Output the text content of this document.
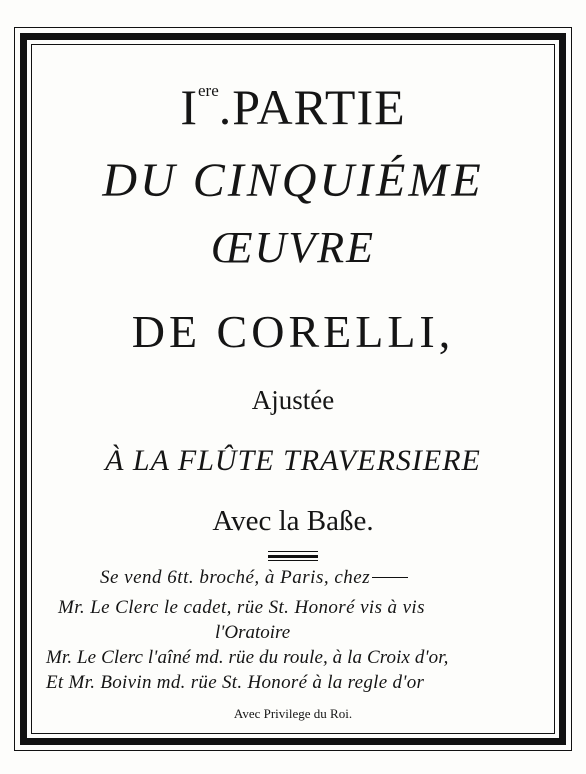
Iere.PARTIE
DU CINQUIÉME
ŒUVRE
DE CORELLI,
Ajustée
À LA FLÛTE TRAVERSIERE
Avec la Baße.
Se vend 6tt. broché, à Paris, chez
Mr. Le Clerc le cadet, rüe St. Honoré vis à vis
l'Oratoire
Mr. Le Clerc l'aîné md. rüe du roule, à la Croix d'or,
Et Mr. Boivin md. rüe St. Honoré à la regle d'or
Avec Privilege du Roi.
